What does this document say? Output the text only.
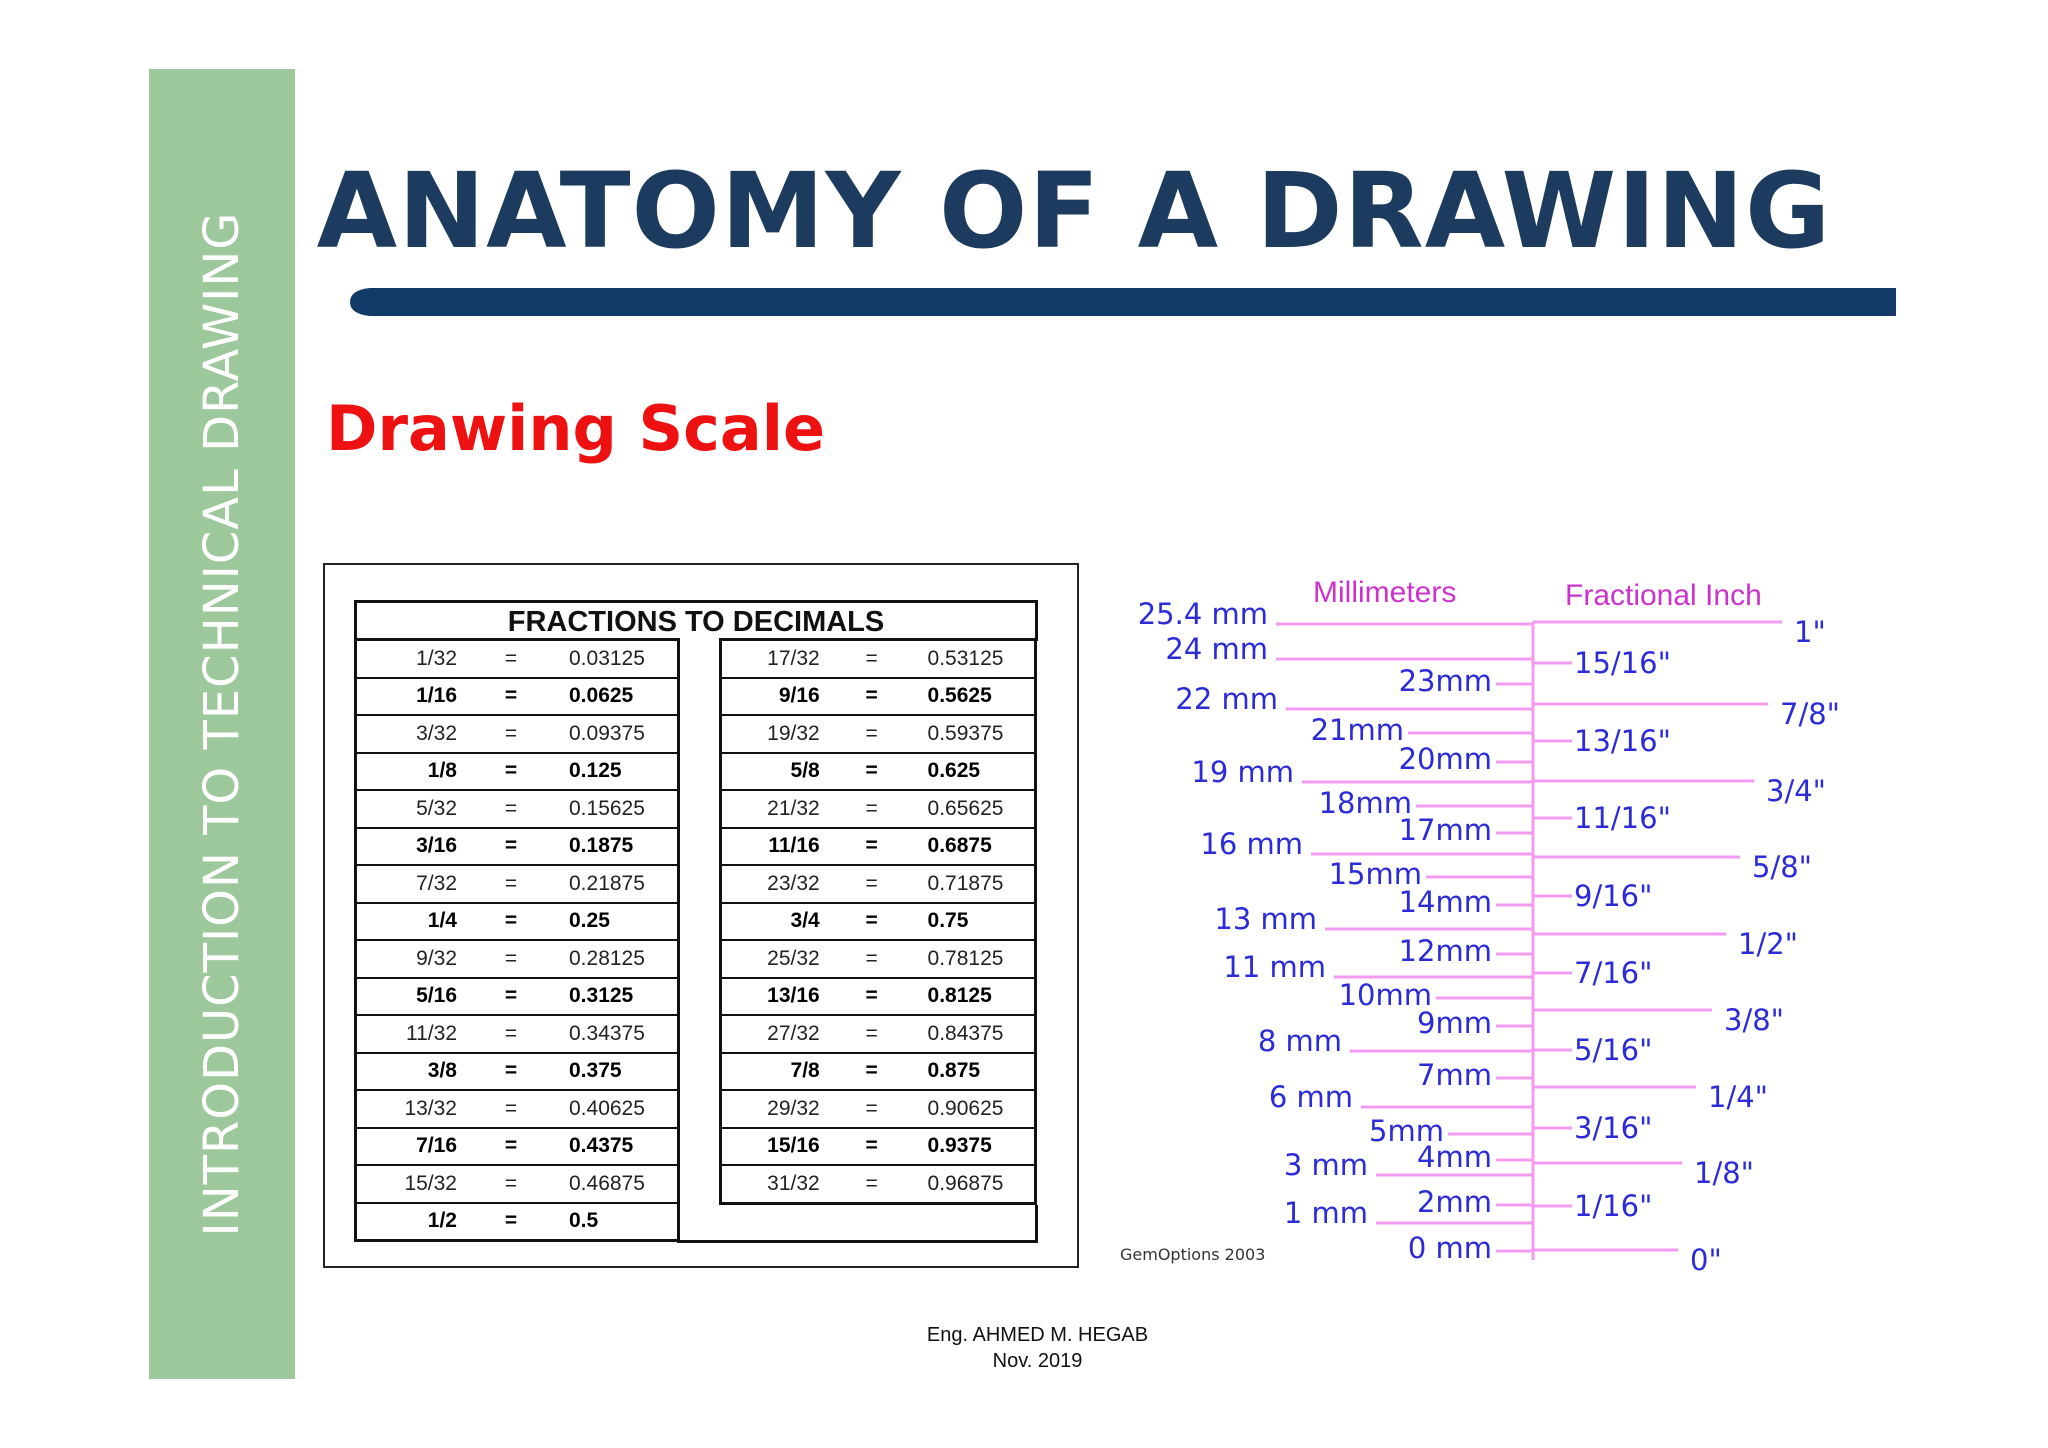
INTRODUCTION TO TECHNICAL DRAWING
ANATOMY OF A DRAWING
Drawing Scale
FRACTIONS TO DECIMALS
1/32	=	0.03125
1/16	=	0.0625
3/32	=	0.09375
1/8	=	0.125
5/32	=	0.15625
3/16	=	0.1875
7/32	=	0.21875
1/4	=	0.25
9/32	=	0.28125
5/16	=	0.3125
11/32	=	0.34375
3/8	=	0.375
13/32	=	0.40625
7/16	=	0.4375
15/32	=	0.46875
1/2	=	0.5
17/32	=	0.53125
9/16	=	0.5625
19/32	=	0.59375
5/8	=	0.625
21/32	=	0.65625
11/16	=	0.6875
23/32	=	0.71875
3/4	=	0.75
25/32	=	0.78125
13/16	=	0.8125
27/32	=	0.84375
7/8	=	0.875
29/32	=	0.90625
15/16	=	0.9375
31/32	=	0.96875
Millimeters	Fractional Inch
GemOptions 2003
25.4 mm
24 mm
22 mm
19 mm
16 mm
13 mm
11 mm
8 mm
6 mm
3 mm
1 mm
23mm
21mm
20mm
18mm
17mm
15mm
14mm
12mm
10mm
9mm
7mm
5mm
4mm
2mm
0 mm
1"
7/8"
3/4"
5/8"
1/2"
3/8"
1/4"
1/8"
0"
15/16"
13/16"
11/16"
9/16"
7/16"
5/16"
3/16"
1/16"
Eng. AHMED M. HEGAB
Nov. 2019
